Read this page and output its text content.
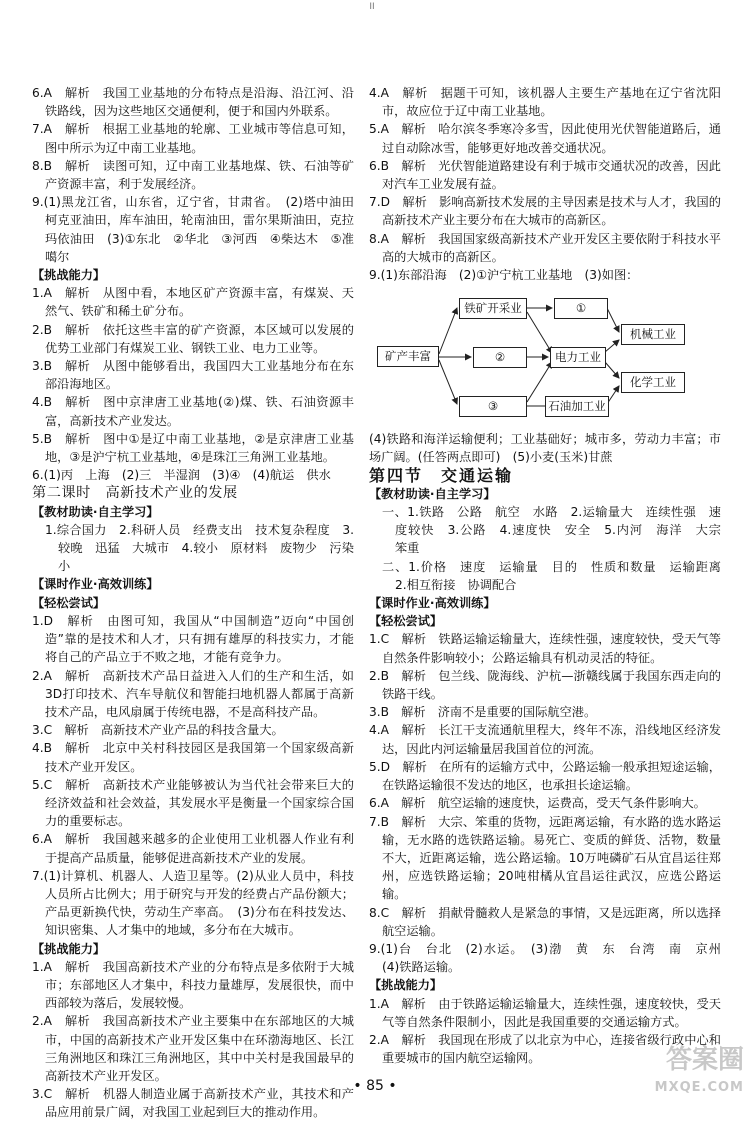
II

6.A　解析　我国工业基地的分布特点是沿海、沿江河、沿铁路线，因为这些地区交通便利，便于和国内外联系。

7.A　解析　根据工业基地的轮廓、工业城市等信息可知，图中所示为辽中南工业基地。

8.B　解析　读图可知，辽中南工业基地煤、铁、石油等矿产资源丰富，利于发展经济。

9.(1)黑龙江省，山东省，辽宁省，甘肃省。　(2)塔中油田　柯克亚油田，库车油田，轮南油田，雷尔果斯油田，克拉玛依油田　(3)①东北　②华北　③河西　④柴达木　⑤准噶尔

【挑战能力】

1.A　解析　从图中看，本地区矿产资源丰富，有煤炭、天然气、铁矿和稀土矿分布。

2.B　解析　依托这些丰富的矿产资源，本区域可以发展的优势工业部门有煤炭工业、钢铁工业、电力工业等。

3.B　解析　从图中能够看出，我国四大工业基地分布在东部沿海地区。

4.B　解析　图中京津唐工业基地(②)煤、铁、石油资源丰富，高新技术产业发达。

5.B　解析　图中①是辽中南工业基地，②是京津唐工业基地，③是沪宁杭工业基地，④是珠江三角洲工业基地。

6.(1)丙　上海　(2)三　半湿润　(3)④　(4)航运　供水

第二课时　高新技术产业的发展

【教材助读·自主学习】

1.综合国力　2.科研人员　经费支出　技术复杂程度　3.较晚　迅猛　大城市　4.较小　原材料　废物少　污染小

【课时作业·高效训练】

【轻松尝试】

1.D　解析　由图可知，我国从“中国制造”迈向“中国创造”靠的是技术和人才，只有拥有雄厚的科技实力，才能将自己的产品立于不败之地，才能有竞争力。

2.A　解析　高新技术产品日益进入人们的生产和生活，如3D打印技术、汽车导航仪和智能扫地机器人都属于高新技术产品，电风扇属于传统电器，不是高科技产品。

3.C　解析　高新技术产业产品的科技含量大。

4.B　解析　北京中关村科技园区是我国第一个国家级高新技术产业开发区。

5.C　解析　高新技术产业能够被认为当代社会带来巨大的经济效益和社会效益，其发展水平是衡量一个国家综合国力的重要标志。

6.A　解析　我国越来越多的企业使用工业机器人作业有利于提高产品质量，能够促进高新技术产业的发展。

7.(1)计算机、机器人、人造卫星等。(2)从业人员中，科技人员所占比例大；用于研究与开发的经费占产品份额大；产品更新换代快，劳动生产率高。　(3)分布在科技发达、知识密集、人才集中的地域，多分布在大城市。

【挑战能力】

1.A　解析　我国高新技术产业的分布特点是多依附于大城市；东部地区人才集中，科技力量雄厚，发展很快，而中西部较为落后，发展较慢。

2.A　解析　我国高新技术产业主要集中在东部地区的大城市，中国的高新技术产业开发区集中在环渤海地区、长江三角洲地区和珠江三角洲地区，其中中关村是我国最早的高新技术产业开发区。

3.C　解析　机器人制造业属于高新技术产业，其技术和产品应用前景广阔，对我国工业起到巨大的推动作用。

4.A　解析　据题干可知，该机器人主要生产基地在辽宁省沈阳市，故应位于辽中南工业基地。

5.A　解析　哈尔滨冬季寒冷多雪，因此使用光伏智能道路后，通过自动除冰雪，能够更好地改善交通状况。

6.B　解析　光伏智能道路建设有利于城市交通状况的改善，因此对汽车工业发展有益。

7.D　解析　影响高新技术发展的主导因素是技术与人才，我国的高新技术产业主要分布在大城市的高新区。

8.A　解析　我国国家级高新技术产业开发区主要依附于科技水平高的大城市的高新区。

9.(1)东部沿海　(2)①沪宁杭工业基地　(3)如图：

矿产丰富
铁矿开采业
②
③
①
电力工业
石油加工业
机械工业
化学工业

(4)铁路和海洋运输便利；工业基础好；城市多，劳动力丰富；市场广阔。(任答两点即可)　(5)小麦(玉米)甘蔗

第四节　交通运输

【教材助读·自主学习】

一、1.铁路　公路　航空　水路　2.运输量大　连续性强　速度较快　3.公路　4.速度快　安全　5.内河　海洋　大宗　笨重

二、1.价格　速度　运输量　目的　性质和数量　运输距离　2.相互衔接　协调配合

【课时作业·高效训练】

【轻松尝试】

1.C　解析　铁路运输运输量大，连续性强，速度较快，受天气等自然条件影响较小；公路运输具有机动灵活的特征。

2.B　解析　包兰线、陇海线、沪杭—浙赣线属于我国东西走向的铁路干线。

3.B　解析　济南不是重要的国际航空港。

4.A　解析　长江干支流通航里程大，终年不冻，沿线地区经济发达，因此内河运输量居我国首位的河流。

5.D　解析　在所有的运输方式中，公路运输一般承担短途运输，在铁路运输很不发达的地区，也承担长途运输。

6.A　解析　航空运输的速度快，运费高，受天气条件影响大。

7.B　解析　大宗、笨重的货物，远距离运输，有水路的选水路运输，无水路的选铁路运输。易死亡、变质的鲜货、活物，数量不大，近距离运输，选公路运输。10万吨磷矿石从宜昌运往郑州，应选铁路运输；20吨柑橘从宜昌运往武汉，应选公路运输。

8.C　解析　捐献骨髓救人是紧急的事情，又是远距离，所以选择航空运输。

9.(1)台　台北　(2)水运。　(3)渤　黄　东　台湾　南　京州　(4)铁路运输。

【挑战能力】

1.A　解析　由于铁路运输运输量大，连续性强，速度较快，受天气等自然条件限制小，因此是我国重要的交通运输方式。

2.A　解析　我国现在形成了以北京为中心，连接省级行政中心和重要城市的国内航空运输网。

• 85 •
答案圈
MXQE.COM
